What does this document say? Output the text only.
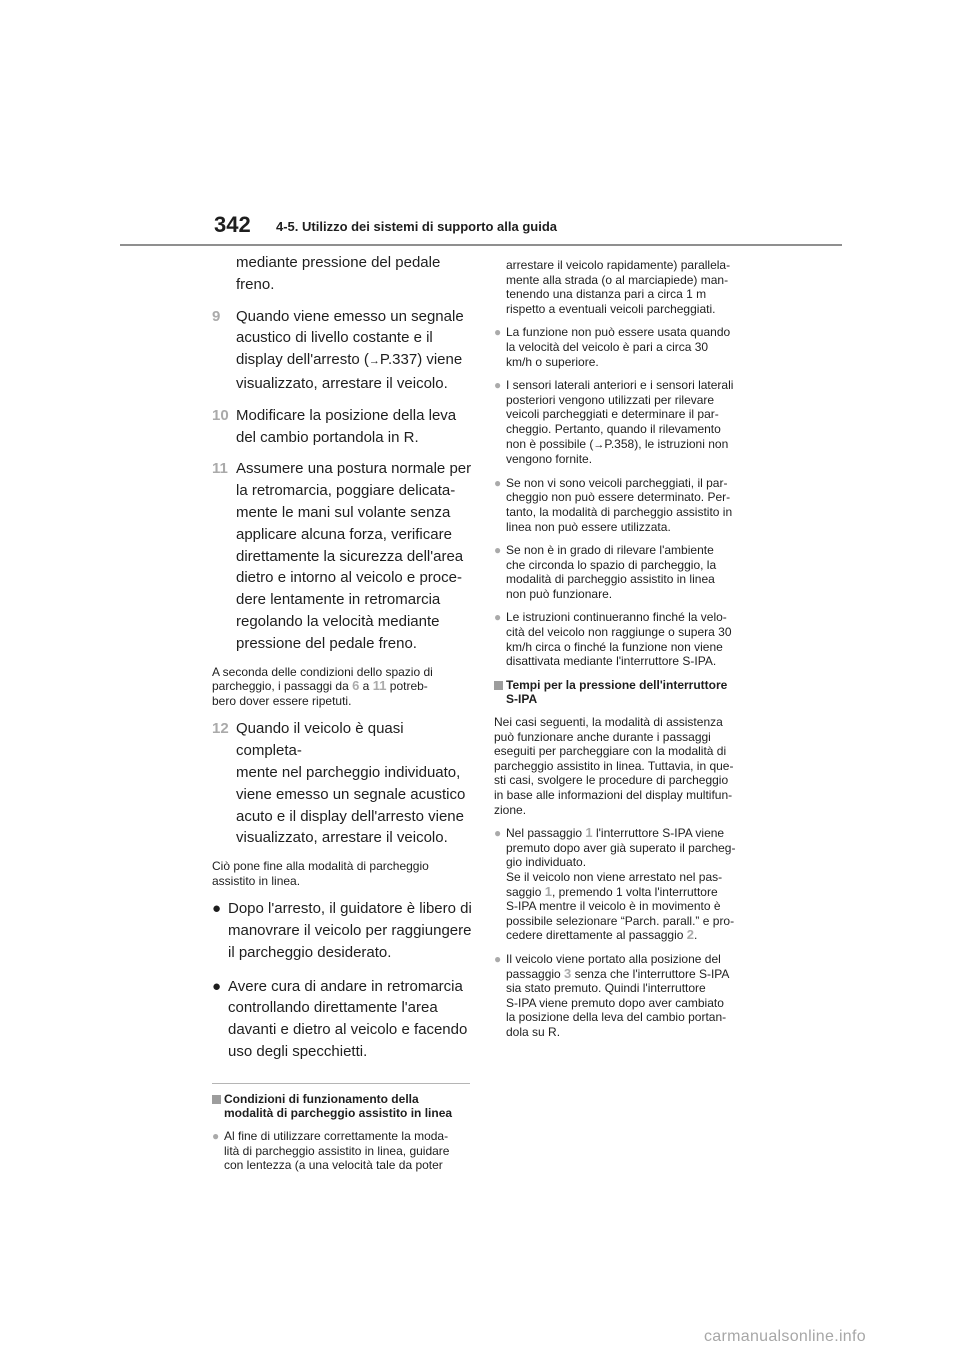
342 4-5. Utilizzo dei sistemi di supporto alla guida
mediante pressione del pedale
freno.
9 Quando viene emesso un segnale
acustico di livello costante e il
display dell'arresto (→P.337) viene
visualizzato, arrestare il veicolo.
10 Modificare la posizione della leva
del cambio portandola in R.
11 Assumere una postura normale per
la retromarcia, poggiare delicata-
mente le mani sul volante senza
applicare alcuna forza, verificare
direttamente la sicurezza dell'area
dietro e intorno al veicolo e proce-
dere lentamente in retromarcia
regolando la velocità mediante
pressione del pedale freno.
A seconda delle condizioni dello spazio di
parcheggio, i passaggi da 6 a 11 potreb-
bero dover essere ripetuti.
12 Quando il veicolo è quasi completa-
mente nel parcheggio individuato,
viene emesso un segnale acustico
acuto e il display dell'arresto viene
visualizzato, arrestare il veicolo.
Ciò pone fine alla modalità di parcheggio
assistito in linea.
● Dopo l'arresto, il guidatore è libero di
manovrare il veicolo per raggiungere
il parcheggio desiderato.
● Avere cura di andare in retromarcia
controllando direttamente l'area
davanti e dietro al veicolo e facendo
uso degli specchietti.
Condizioni di funzionamento della
modalità di parcheggio assistito in linea
● Al fine di utilizzare correttamente la moda-
lità di parcheggio assistito in linea, guidare
con lentezza (a una velocità tale da poter
arrestare il veicolo rapidamente) parallela-
mente alla strada (o al marciapiede) man-
tenendo una distanza pari a circa 1 m
rispetto a eventuali veicoli parcheggiati.
● La funzione non può essere usata quando
la velocità del veicolo è pari a circa 30
km/h o superiore.
● I sensori laterali anteriori e i sensori laterali
posteriori vengono utilizzati per rilevare
veicoli parcheggiati e determinare il par-
cheggio. Pertanto, quando il rilevamento
non è possibile (→P.358), le istruzioni non
vengono fornite.
● Se non vi sono veicoli parcheggiati, il par-
cheggio non può essere determinato. Per-
tanto, la modalità di parcheggio assistito in
linea non può essere utilizzata.
● Se non è in grado di rilevare l'ambiente
che circonda lo spazio di parcheggio, la
modalità di parcheggio assistito in linea
non può funzionare.
● Le istruzioni continueranno finché la velo-
cità del veicolo non raggiunge o supera 30
km/h circa o finché la funzione non viene
disattivata mediante l'interruttore S-IPA.
Tempi per la pressione dell'interruttore
S-IPA
Nei casi seguenti, la modalità di assistenza
può funzionare anche durante i passaggi
eseguiti per parcheggiare con la modalità di
parcheggio assistito in linea. Tuttavia, in que-
sti casi, svolgere le procedure di parcheggio
in base alle informazioni del display multifun-
zione.
● Nel passaggio 1 l'interruttore S-IPA viene
premuto dopo aver già superato il parcheg-
gio individuato.
Se il veicolo non viene arrestato nel pas-
saggio 1, premendo 1 volta l'interruttore
S-IPA mentre il veicolo è in movimento è
possibile selezionare “Parch. parall.” e pro-
cedere direttamente al passaggio 2.
● Il veicolo viene portato alla posizione del
passaggio 3 senza che l'interruttore S-IPA
sia stato premuto. Quindi l'interruttore
S-IPA viene premuto dopo aver cambiato
la posizione della leva del cambio portan-
dola su R.
carmanualsonline.info
